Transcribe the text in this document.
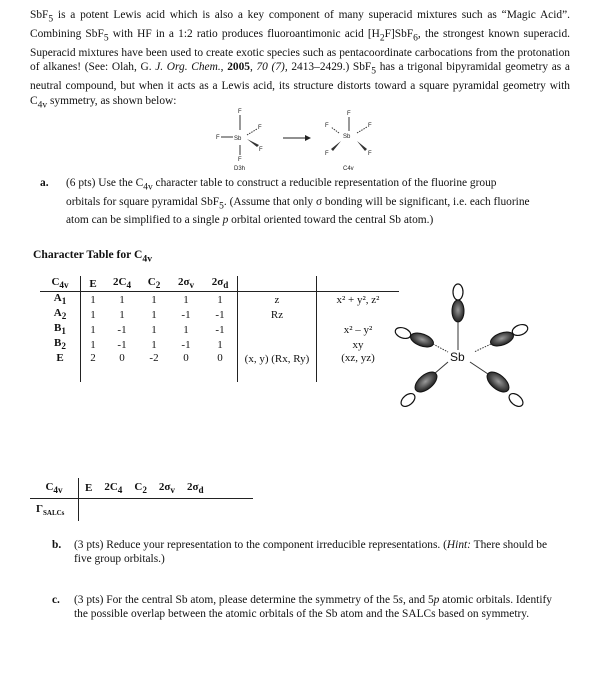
SbF$_5$ is a potent Lewis acid which is also a key component of many superacid mixtures such as “Magic Acid”. Combining SbF$_5$ with HF in a 1:2 ratio produces fluoroantimonic acid $[H_2F]SbF_6$, the strongest known superacid. Superacid mixtures have been used to create exotic species such as pentacoordinate carbocations from the protonation of alkanes! (See: Olah, G. J. Org. Chem., 2005, 70 (7), 2413–2429.) SbF$_5$ has a trigonal bipyramidal geometry as a neutral compound, but when it acts as a Lewis acid, its structure distorts toward a square pyramidal geometry with $C_{4v}$ symmetry, as shown below:
F
F
F
F
F
Sb
D3h
F
F	F
F	F
Sb
C4v
a. (6 pts) Use the $C_{4v}$ character table to construct a reducible representation of the fluorine group orbitals for square pyramidal SbF$_5$. (Assume that only σ bonding will be significant, i.e. each fluorine atom can be simplified to a single p orbital oriented toward the central Sb atom.)
Character Table for $C_{4v}$
$C_{4v}$	E	$2C_4$	$C_2$	$2\sigma_v$	$2\sigma_d$		
$A_1$	1	1	1	1	1	z	x² + y², z²
$A_2$	1	1	1	-1	-1	Rz	
$B_1$	1	-1	1	1	-1		x² – y²
$B_2$	1	-1	1	-1	1		xy
E	2	0	-2	0	0	(x, y) (Rx, Ry)	(xz, yz)	Sb
$C_{4v}$	E	$2C_4$	$C_2$	$2\sigma_v$	$2\sigma_d$
$\Gamma_{SALCs}$					
b. (3 pts) Reduce your representation to the component irreducible representations. (Hint: There should be five group orbitals.)
c. (3 pts) For the central Sb atom, please determine the symmetry of the 5s, and 5p atomic orbitals. Identify the possible overlap between the atomic orbitals of the Sb atom and the SALCs based on symmetry.
